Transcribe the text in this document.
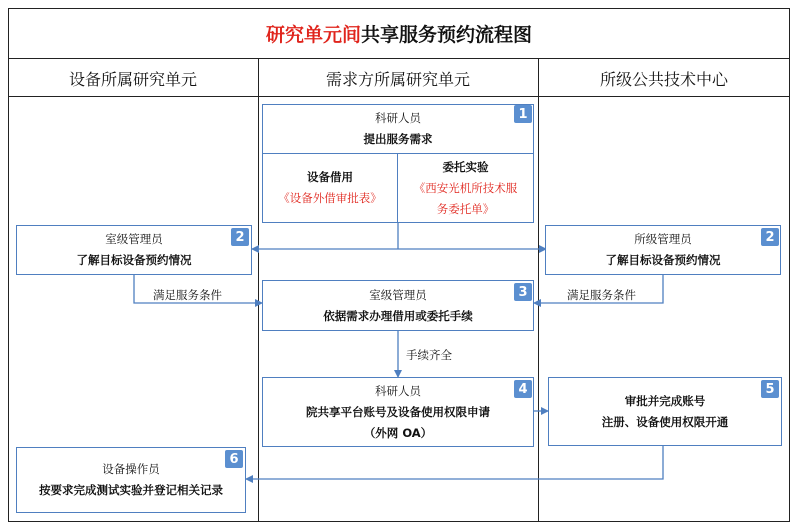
研究单元间 共享服务预约流程图
设备所属研究单元	需求方所属研究单元	所级公共技术中心
科研人员
提出服务需求
1
设备借用
《设备外借审批表》
委托实验
《西安光机所技术服
务委托单》
室级管理员
了解目标设备预约情况
2	所级管理员
了解目标设备预约情况
2
满足服务条件	满足服务条件
室级管理员
依据需求办理借用或委托手续
3
手续齐全
科研人员
院共享平台账号及设备使用权限申请
（外网 OA）
4
审批并完成账号
注册、设备使用权限开通
5
设备操作员
按要求完成测试实验并登记相关记录
6
